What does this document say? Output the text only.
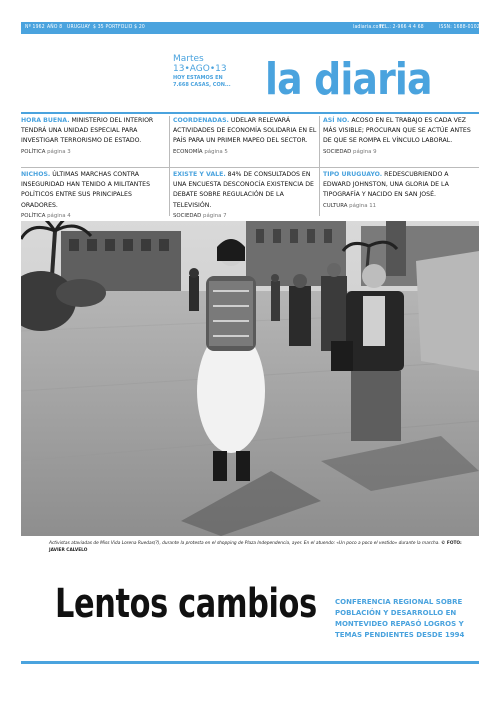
Nº 1962 AÑO 8 URUGUAY $ 35 PORTFOLIO $ 20	ladiaria.com
TEL.: 2-966 4 4 68	ISSN: 1688-0102
Martes
13•AGO•13
HOY ESTAMOS EN
7.668 CASAS, CON... la diaria

HORA BUENA. MINISTERIO DEL INTERIOR TENDRÁ UNA UNIDAD ESPECIAL PARA INVESTIGAR TERRORISMO DE ESTADO.

POLÍTICA página 3

COORDENADAS. UDELAR RELEVARÁ ACTIVIDADES DE ECONOMÍA SOLIDARIA EN EL PAÍS PARA UN PRIMER MAPEO DEL SECTOR.

ECONOMÍA página 5

ASÍ NO. ACOSO EN EL TRABAJO ES CADA VEZ MÁS VISIBLE; PROCURAN QUE SE ACTÚE ANTES DE QUE SE ROMPA EL VÍNCULO LABORAL.

SOCIEDAD página 9

NICHOS. ÚLTIMAS MARCHAS CONTRA INSEGURIDAD HAN TENIDO A MILITANTES POLÍTICOS ENTRE SUS PRINCIPALES ORADORES.

POLÍTICA página 4

EXISTE Y VALE. 84% DE CONSULTADOS EN UNA ENCUESTA DESCONOCÍA EXISTENCIA DE DEBATE SOBRE REGULACIÓN DE LA TELEVISIÓN.

SOCIEDAD página 7

TIPO URUGUAYO. REDESCUBRIENDO A EDWARD JOHNSTON, UNA GLORIA DE LA TIPOGRAFÍA Y NACIDO EN SAN JOSÉ.

CULTURA página 11
Activistas ataviadas de Miss Vida Lorena Ruedas(?), durante la protesta en el shopping de Plaza Independencia, ayer. En el atuendo: «Un poco a poco el vestido» durante la marcha. © FOTO: JAVIER CALVELO
Lentos cambios	CONFERENCIA REGIONAL SOBRE POBLACIÓN Y DESARROLLO EN MONTEVIDEO REPASÓ LOGROS Y TEMAS PENDIENTES DESDE 1994
